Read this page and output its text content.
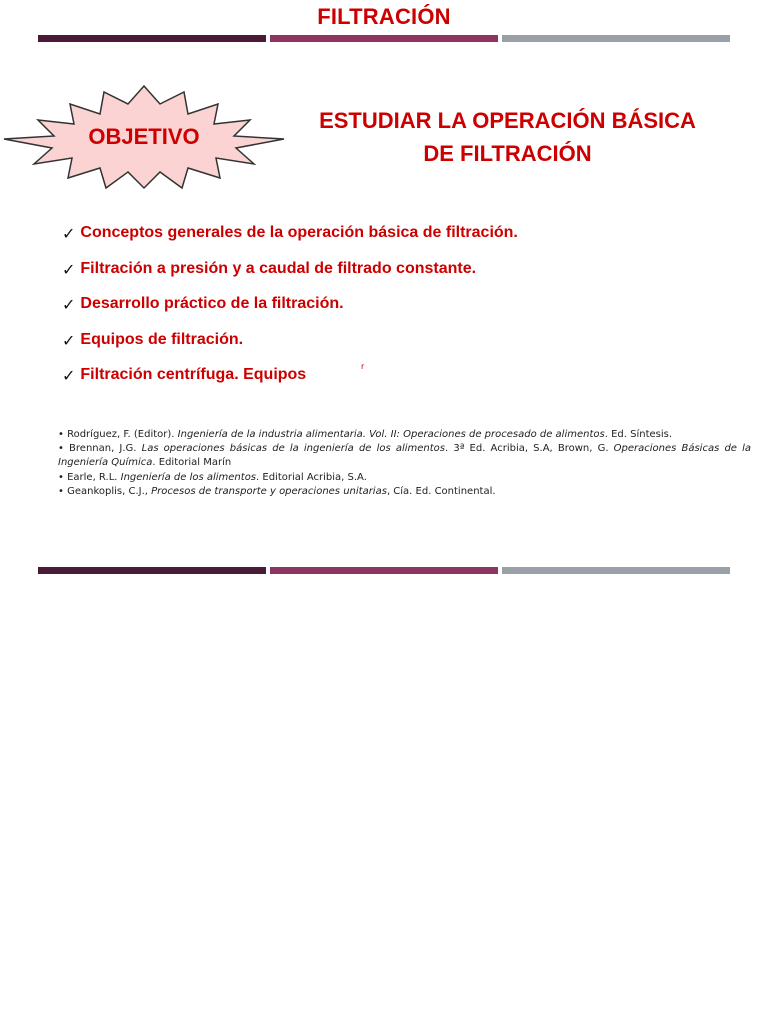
FILTRACIÓN
OBJETIVO
ESTUDIAR LA OPERACIÓN BÁSICA
DE FILTRACIÓN
✓ Conceptos generales de la operación básica de filtración.
✓ Filtración a presión y a caudal de filtrado constante.
✓ Desarrollo práctico de la filtración.
✓ Equipos de filtración.
✓ Filtración centrífuga. Equipos	r
• Rodríguez, F. (Editor). Ingeniería de la industria alimentaria. Vol. II: Operaciones de procesado de alimentos. Ed. Síntesis.
• Brennan, J.G. Las operaciones básicas de la ingeniería de los alimentos. 3ª Ed. Acribia, S.A, Brown, G. Operaciones Básicas de la Ingeniería Química. Editorial Marín
• Earle, R.L. Ingeniería de los alimentos. Editorial Acribia, S.A.
• Geankoplis, C.J., Procesos de transporte y operaciones unitarias, Cía. Ed. Continental.
